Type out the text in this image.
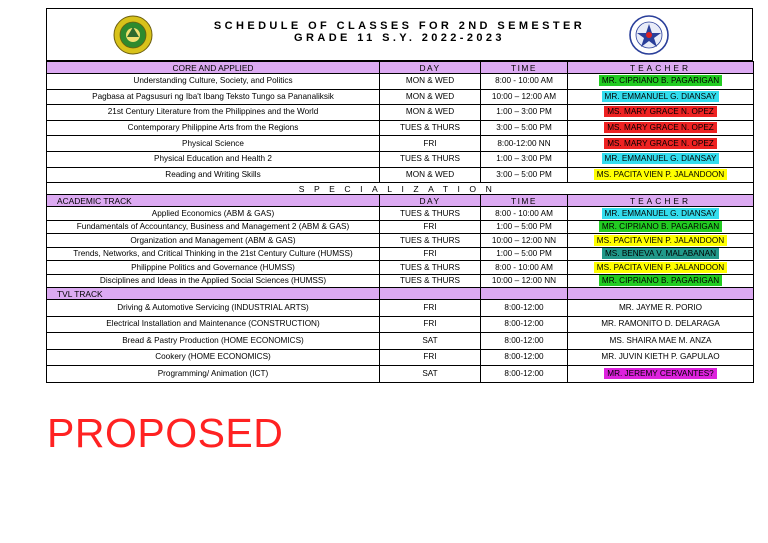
SCHEDULE OF CLASSES FOR 2ND SEMESTER
GRADE 11 S.Y. 2022-2023
CORE AND APPLIED	DAY	TIME	TEACHER
Understanding Culture, Society, and Politics	MON & WED	8:00 - 10:00 AM	MR. CIPRIANO B. PAGARIGAN
Pagbasa at Pagsusuri ng Iba't Ibang Teksto Tungo sa Pananaliksik	MON & WED	10:00 – 12:00 AM	MR. EMMANUEL G. DIANSAY
21st Century Literature from the Philippines and the World	MON & WED	1:00 – 3:00 PM	MS. MARY GRACE N. OPEZ
Contemporary Philippine Arts from the Regions	TUES & THURS	3:00 – 5:00 PM	MS. MARY GRACE N. OPEZ
Physical Science	FRI	8:00-12:00 NN	MS. MARY GRACE N. OPEZ
Physical Education and Health 2	TUES & THURS	1:00 – 3:00 PM	MR. EMMANUEL G. DIANSAY
Reading and Writing Skills	MON & WED	3:00 – 5:00 PM	MS. PACITA VIEN P. JALANDOON
SPECIALIZATION			
ACADEMIC TRACK	DAY	TIME	TEACHER
Applied Economics (ABM & GAS)	TUES & THURS	8:00 - 10:00 AM	MR. EMMANUEL G. DIANSAY
Fundamentals of Accountancy, Business and Management 2 (ABM & GAS)	FRI	1:00 – 5:00 PM	MR. CIPRIANO B. PAGARIGAN
Organization and Management (ABM & GAS)	TUES & THURS	10:00 – 12:00 NN	MS. PACITA VIEN P. JALANDOON
Trends, Networks, and Critical Thinking in the 21st Century Culture (HUMSS)	FRI	1:00 – 5:00 PM	MS. BENEVA V. MALABANAN
Philippine Politics and Governance (HUMSS)	TUES & THURS	8:00 - 10:00 AM	MS. PACITA VIEN P. JALANDOON
Disciplines and Ideas in the Applied Social Sciences (HUMSS)	TUES & THURS	10:00 – 12:00 NN	MR. CIPRIANO B. PAGARIGAN
TVL TRACK			
Driving & Automotive Servicing (INDUSTRIAL ARTS)	FRI	8:00-12:00	MR. JAYME R. PORIO
Electrical Installation and Maintenance (CONSTRUCTION)	FRI	8:00-12:00	MR. RAMONITO D. DELARAGA
Bread & Pastry Production (HOME ECONOMICS)	SAT	8:00-12:00	MS. SHAIRA MAE M. ANZA
Cookery (HOME ECONOMICS)	FRI	8:00-12:00	MR. JUVIN KIETH P. GAPULAO
Programming/ Animation (ICT)	SAT	8:00-12:00	MR. JEREMY CERVANTES?
PROPOSED
